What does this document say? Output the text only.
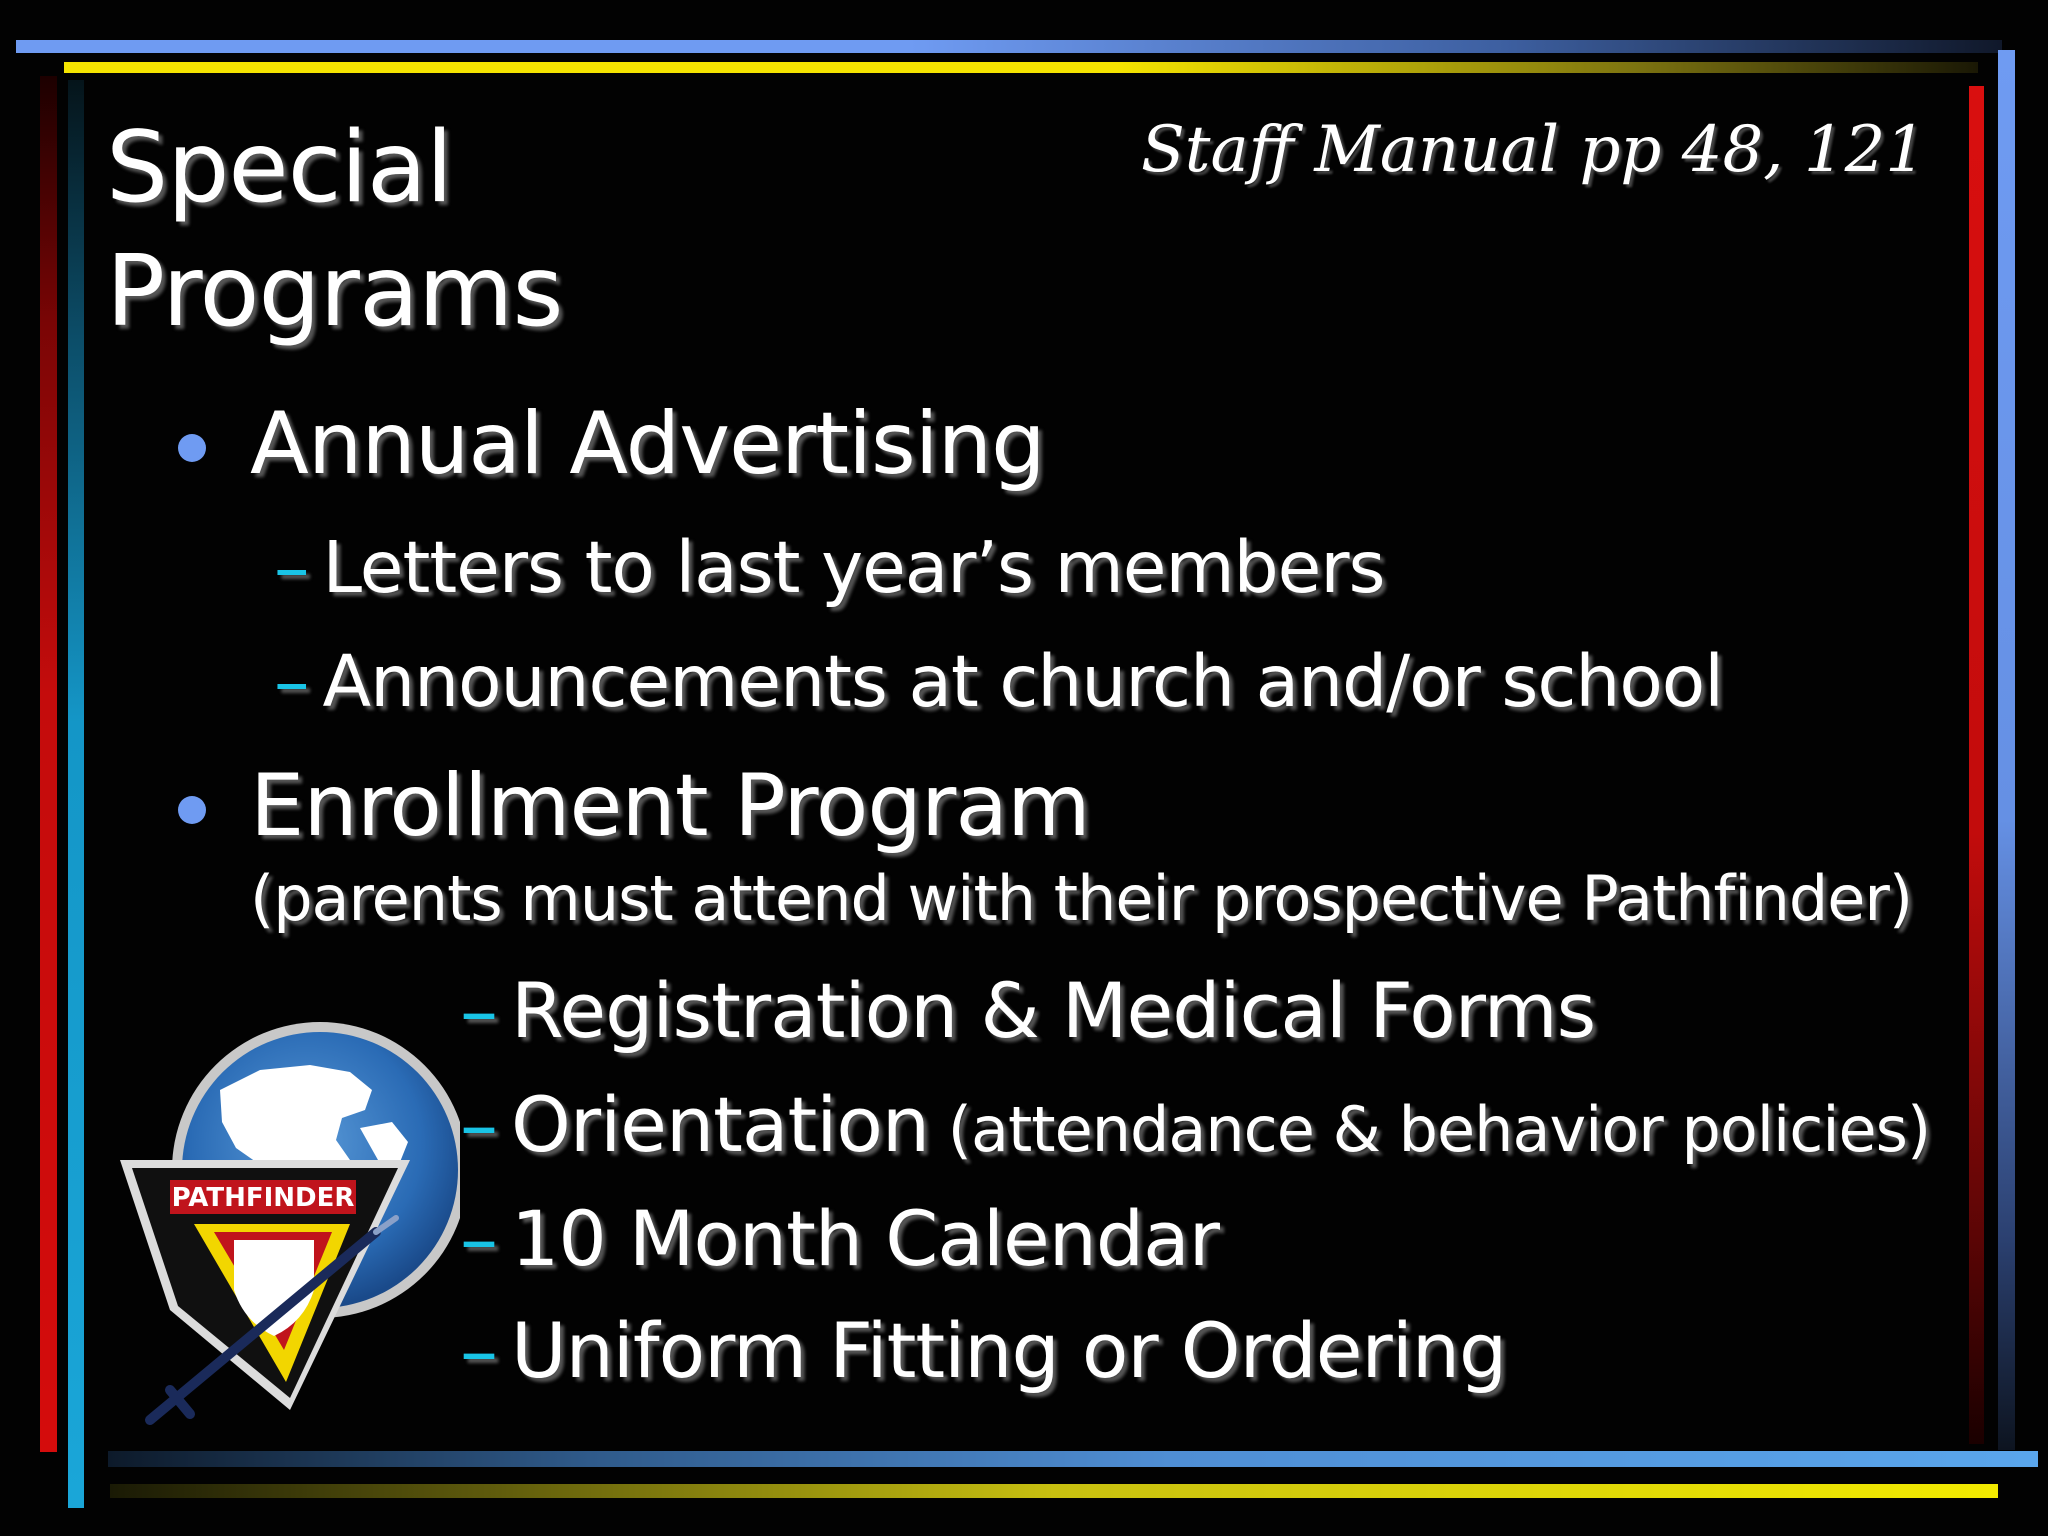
Special
Programs
Staff Manual pp 48, 121
Annual Advertising
– Letters to last year’s members
– Announcements at church and/or school
Enrollment Program
(parents must attend with their prospective Pathfinder)
– Registration & Medical Forms
– Orientation (attendance & behavior policies)
– 10 Month Calendar
– Uniform Fitting or Ordering
PATHFINDER
